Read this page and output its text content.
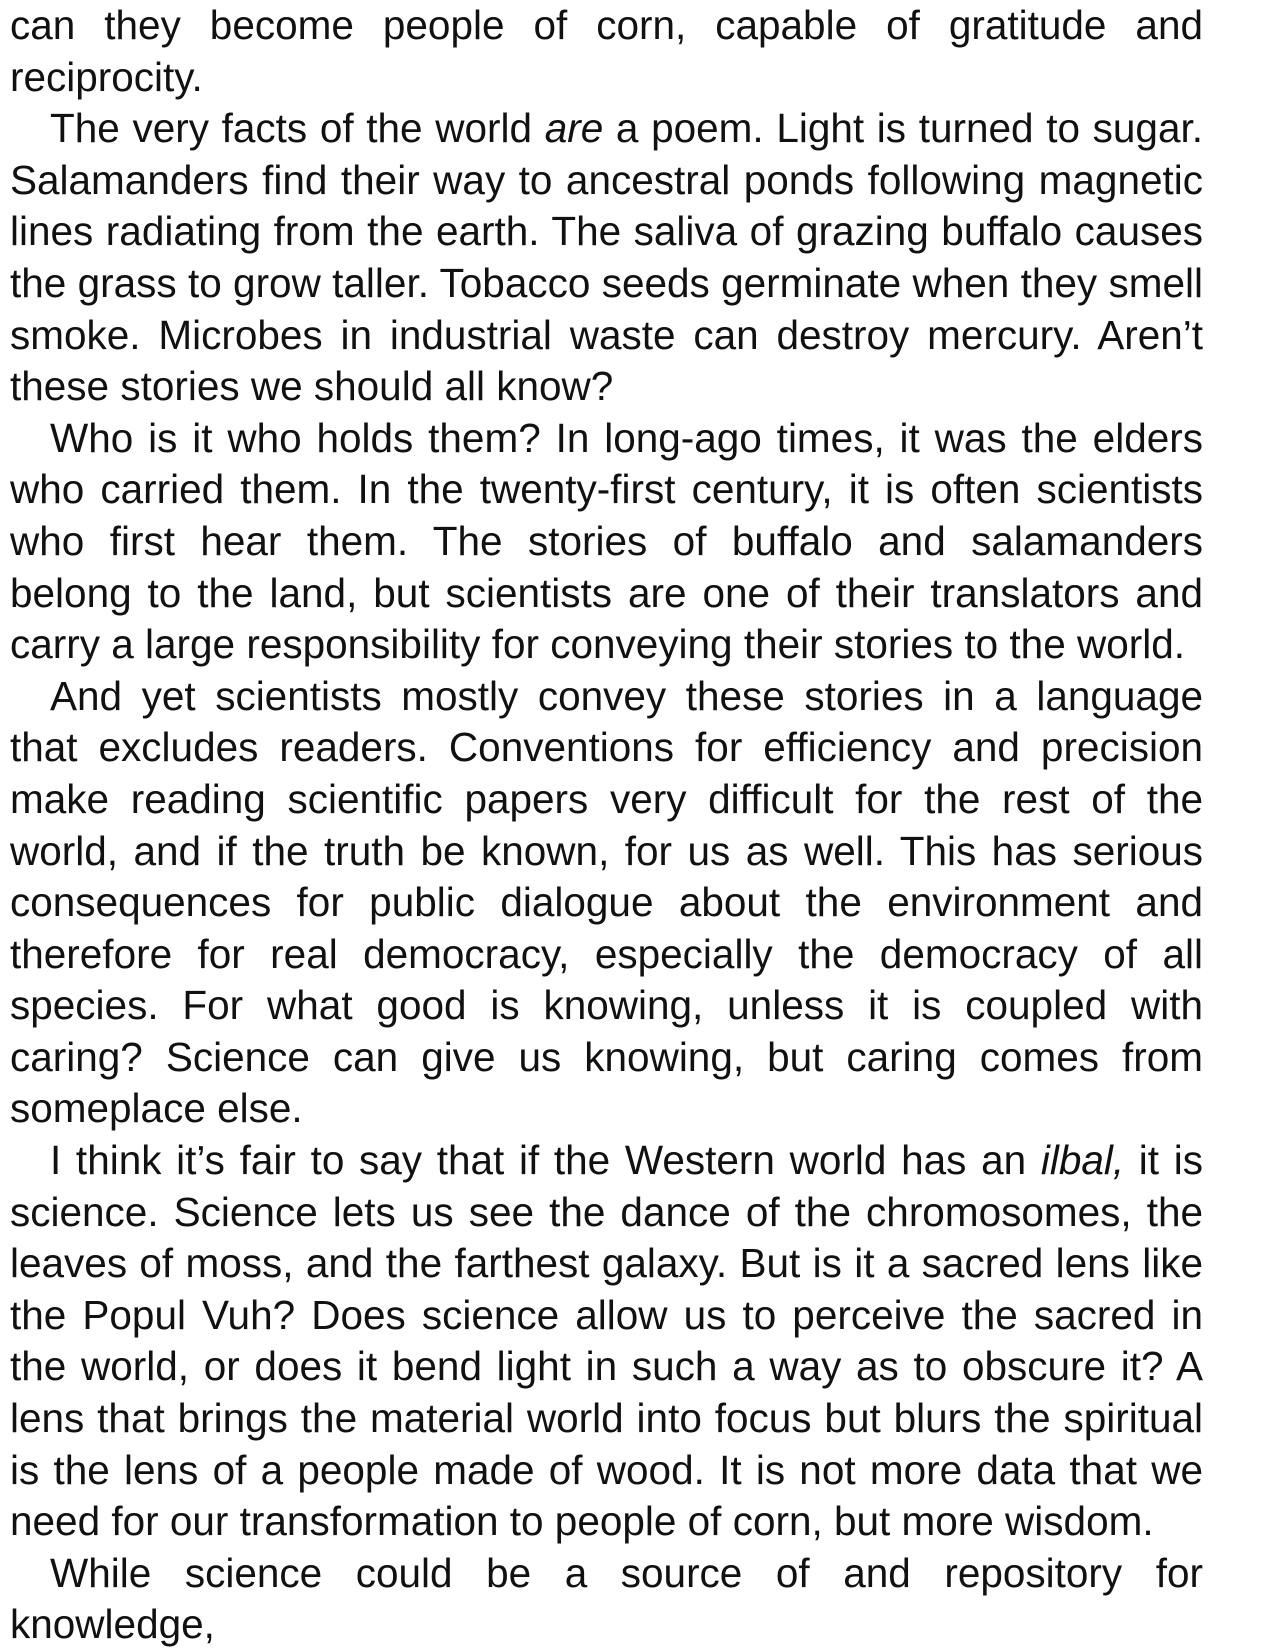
can they become people of corn, capable of gratitude and reciprocity.

The very facts of the world are a poem. Light is turned to sugar. Salamanders find their way to ancestral ponds following magnetic lines radiating from the earth. The saliva of grazing buffalo causes the grass to grow taller. Tobacco seeds germinate when they smell smoke. Microbes in industrial waste can destroy mercury. Aren’t these stories we should all know?

Who is it who holds them? In long-ago times, it was the elders who carried them. In the twenty-first century, it is often scientists who first hear them. The stories of buffalo and salamanders belong to the land, but scientists are one of their translators and carry a large responsibility for conveying their stories to the world.

And yet scientists mostly convey these stories in a language that excludes readers. Conventions for efficiency and precision make reading scientific papers very difficult for the rest of the world, and if the truth be known, for us as well. This has serious consequences for public dialogue about the environment and therefore for real democracy, especially the democracy of all species. For what good is knowing, unless it is coupled with caring? Science can give us knowing, but caring comes from someplace else.

I think it’s fair to say that if the Western world has an ilbal, it is science. Science lets us see the dance of the chromosomes, the leaves of moss, and the farthest galaxy. But is it a sacred lens like the Popul Vuh? Does science allow us to perceive the sacred in the world, or does it bend light in such a way as to obscure it? A lens that brings the material world into focus but blurs the spiritual is the lens of a people made of wood. It is not more data that we need for our transformation to people of corn, but more wisdom.

While science could be a source of and repository for knowledge,
